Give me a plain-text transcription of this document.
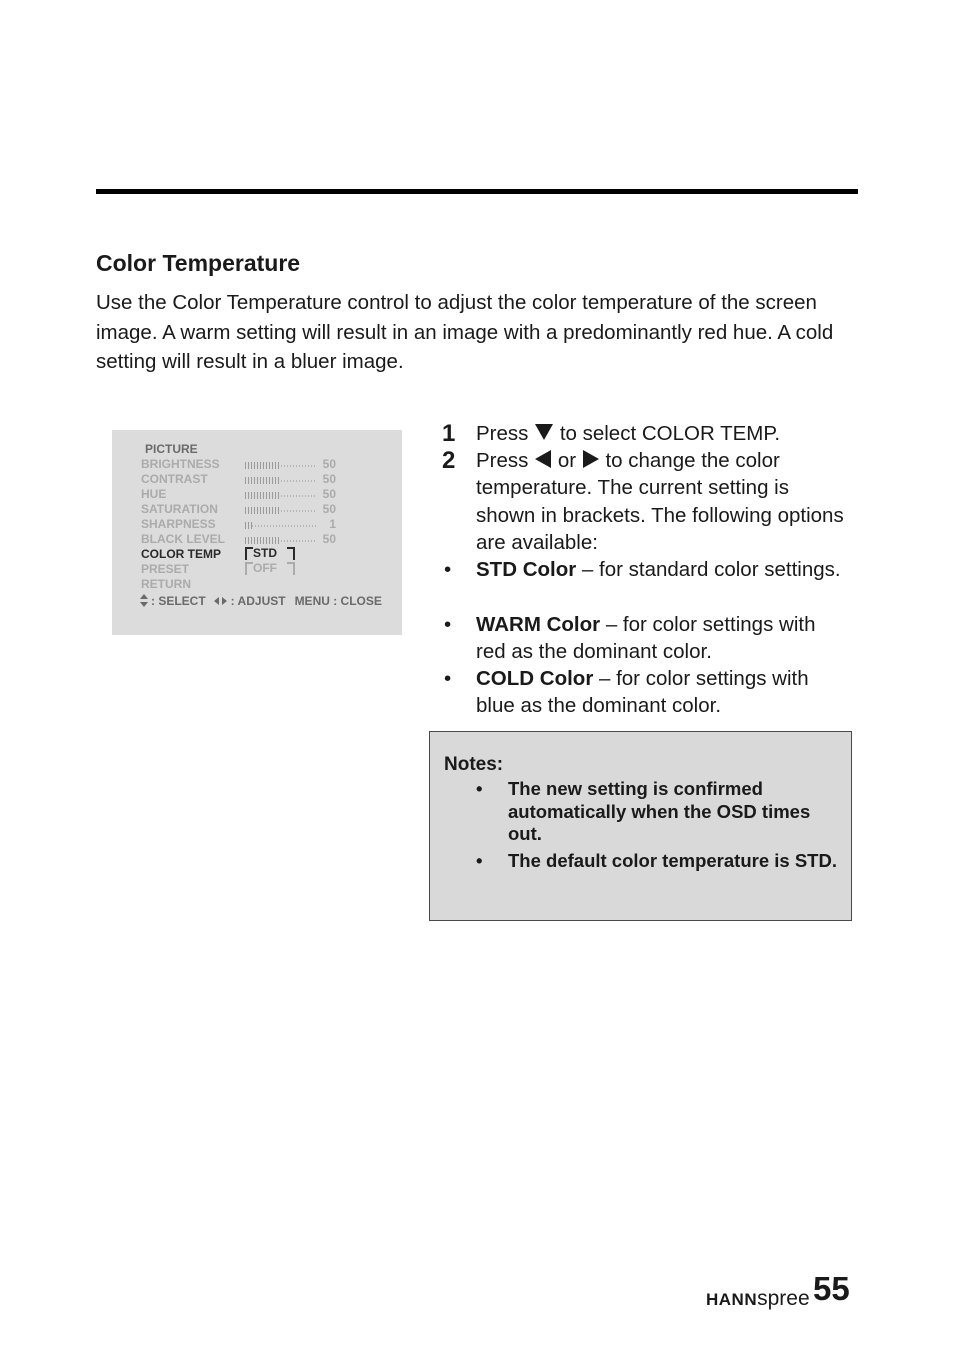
Color Temperature

Use the Color Temperature control to adjust the color temperature of the screen image. A warm setting will result in an image with a predominantly red hue. A cold setting will result in a bluer image.

PICTURE
BRIGHTNESS	50
CONTRAST	50
HUE	50
SATURATION	50
SHARPNESS	1
BLACK LEVEL	50
COLOR TEMP	STD
PRESET	OFF
RETURN
: SELECT : ADJUST MENU : CLOSE
1 Press to select COLOR TEMP.
2 Press or to change the color temperature. The current setting is shown in brackets. The following options are available:
• STD Color – for standard color settings.
• WARM Color – for color settings with red as the dominant color.
• COLD Color – for color settings with blue as the dominant color.
Notes:
• The new setting is confirmed automatically when the OSD times out.
• The default color temperature is STD.
HANNspree 55
